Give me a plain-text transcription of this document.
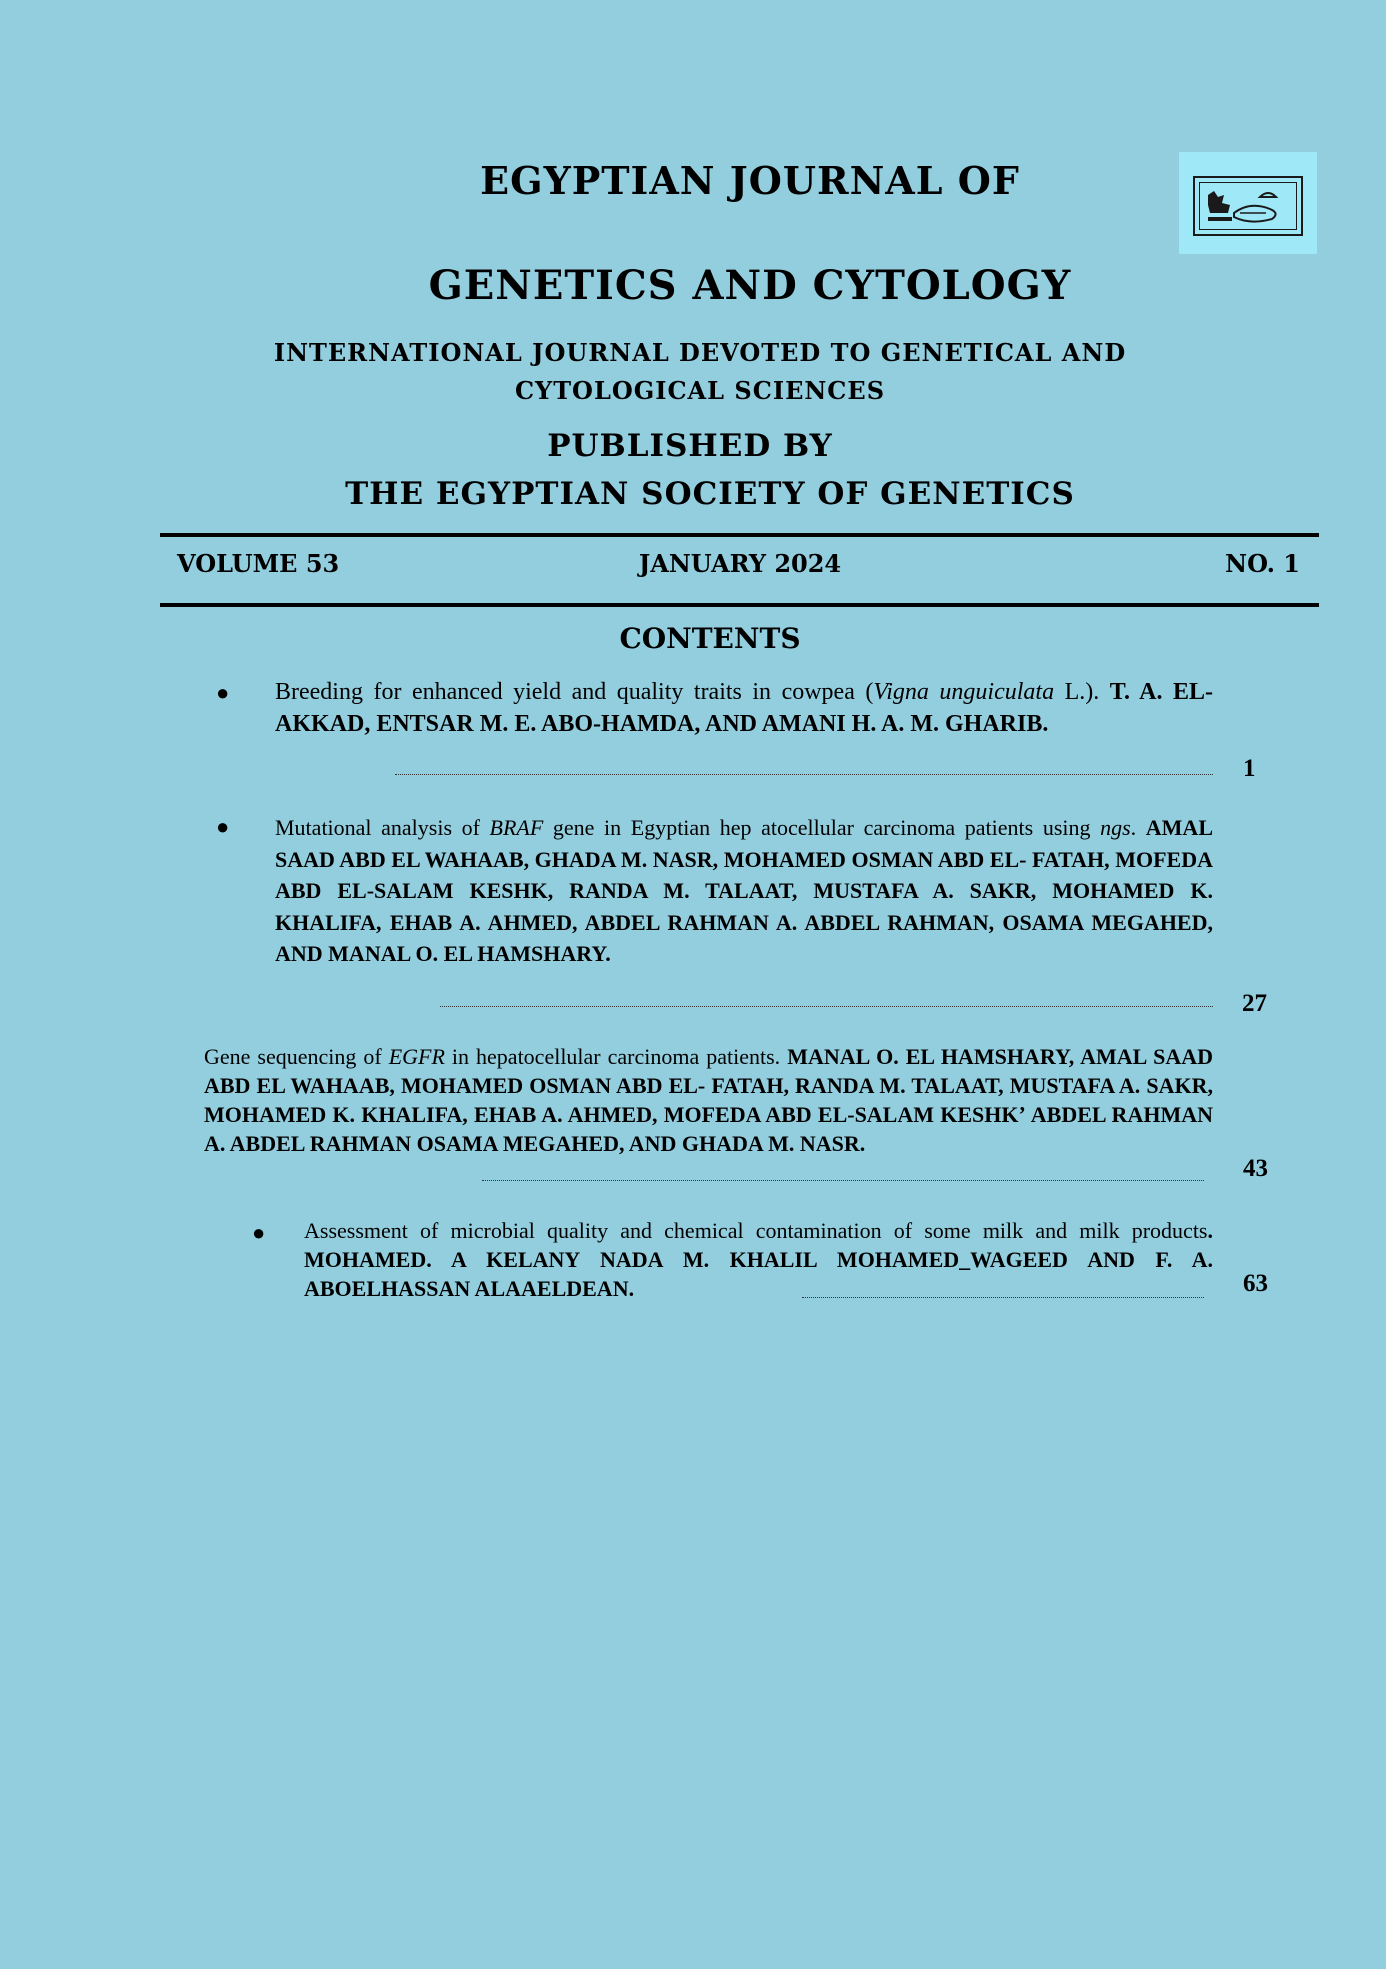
EGYPTIAN JOURNAL OF
GENETICS AND CYTOLOGY
INTERNATIONAL JOURNAL DEVOTED TO GENETICAL AND CYTOLOGICAL SCIENCES
PUBLISHED BY
THE EGYPTIAN SOCIETY OF GENETICS
VOLUME 53	JANUARY 2024	NO. 1
CONTENTS
● Breeding for enhanced yield and quality traits in cowpea (Vigna unguiculata L.). T. A. EL-AKKAD, ENTSAR M. E. ABO-HAMDA, AND AMANI H. A. M. GHARIB.
1
● Mutational analysis of BRAF gene in Egyptian hep atocellular carcinoma patients using ngs. AMAL SAAD ABD EL WAHAAB, GHADA M. NASR, MOHAMED OSMAN ABD EL- FATAH, MOFEDA ABD EL-SALAM KESHK, RANDA M. TALAAT, MUSTAFA A. SAKR, MOHAMED K. KHALIFA, EHAB A. AHMED, ABDEL RAHMAN A. ABDEL RAHMAN, OSAMA MEGAHED, AND MANAL O. EL HAMSHARY.
27
Gene sequencing of EGFR in hepatocellular carcinoma patients. MANAL O. EL HAMSHARY, AMAL SAAD ABD EL WAHAAB, MOHAMED OSMAN ABD EL- FATAH, RANDA M. TALAAT, MUSTAFA A. SAKR, MOHAMED K. KHALIFA, EHAB A. AHMED, MOFEDA ABD EL-SALAM KESHKʼ ABDEL RAHMAN A. ABDEL RAHMAN OSAMA MEGAHED, AND GHADA M. NASR.
43
● Assessment of microbial quality and chemical contamination of some milk and milk products. MOHAMED. A KELANY NADA M. KHALIL MOHAMED_WAGEED AND F. A. ABOELHASSAN ALAAELDEAN.	63
